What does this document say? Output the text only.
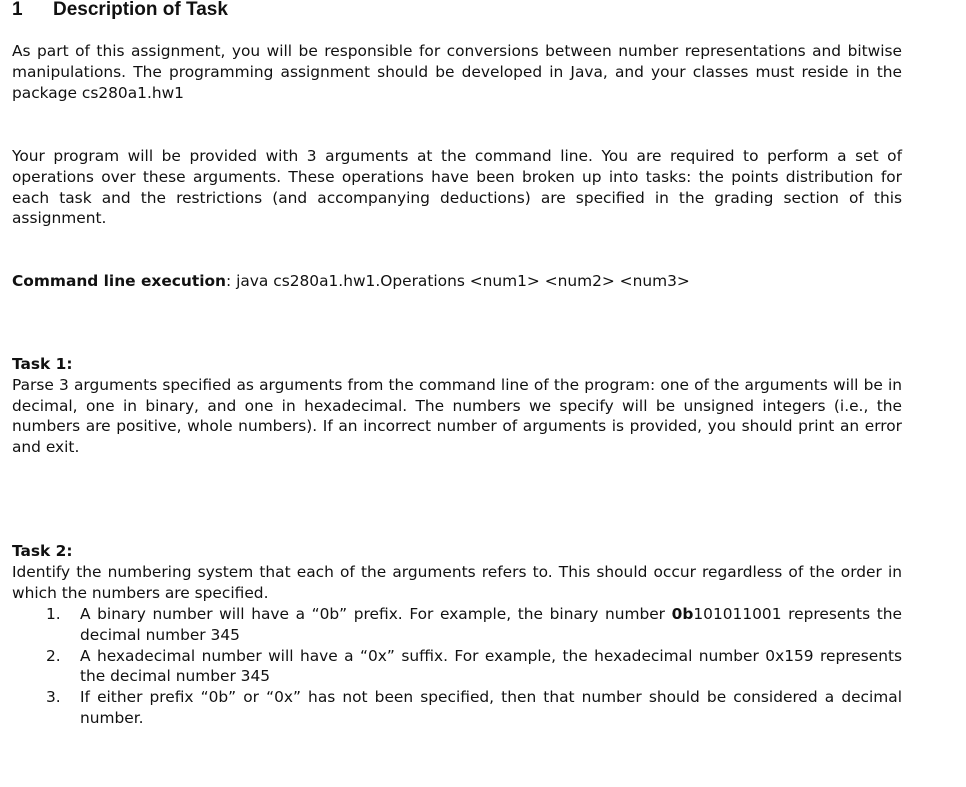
1 Description of Task

As part of this assignment, you will be responsible for conversions between number representations and bitwise manipulations. The programming assignment should be developed in Java, and your classes must reside in the package cs280a1.hw1

Your program will be provided with 3 arguments at the command line. You are required to perform a set of operations over these arguments. These operations have been broken up into tasks: the points distribution for each task and the restrictions (and accompanying deductions) are specified in the grading section of this assignment.

Command line execution: java cs280a1.hw1.Operations <num1> <num2> <num3>

Task 1:
Parse 3 arguments specified as arguments from the command line of the program: one of the arguments will be in decimal, one in binary, and one in hexadecimal. The numbers we specify will be unsigned integers (i.e., the numbers are positive, whole numbers). If an incorrect number of arguments is provided, you should print an error and exit.
Task 2:
Identify the numbering system that each of the arguments refers to. This should occur regardless of the order in which the numbers are specified.
1. A binary number will have a “0b” prefix. For example, the binary number 0b101011001 represents the decimal number 345
2. A hexadecimal number will have a “0x” suffix. For example, the hexadecimal number 0x159 represents the decimal number 345
3. If either prefix “0b” or “0x” has not been specified, then that number should be considered a decimal number.
